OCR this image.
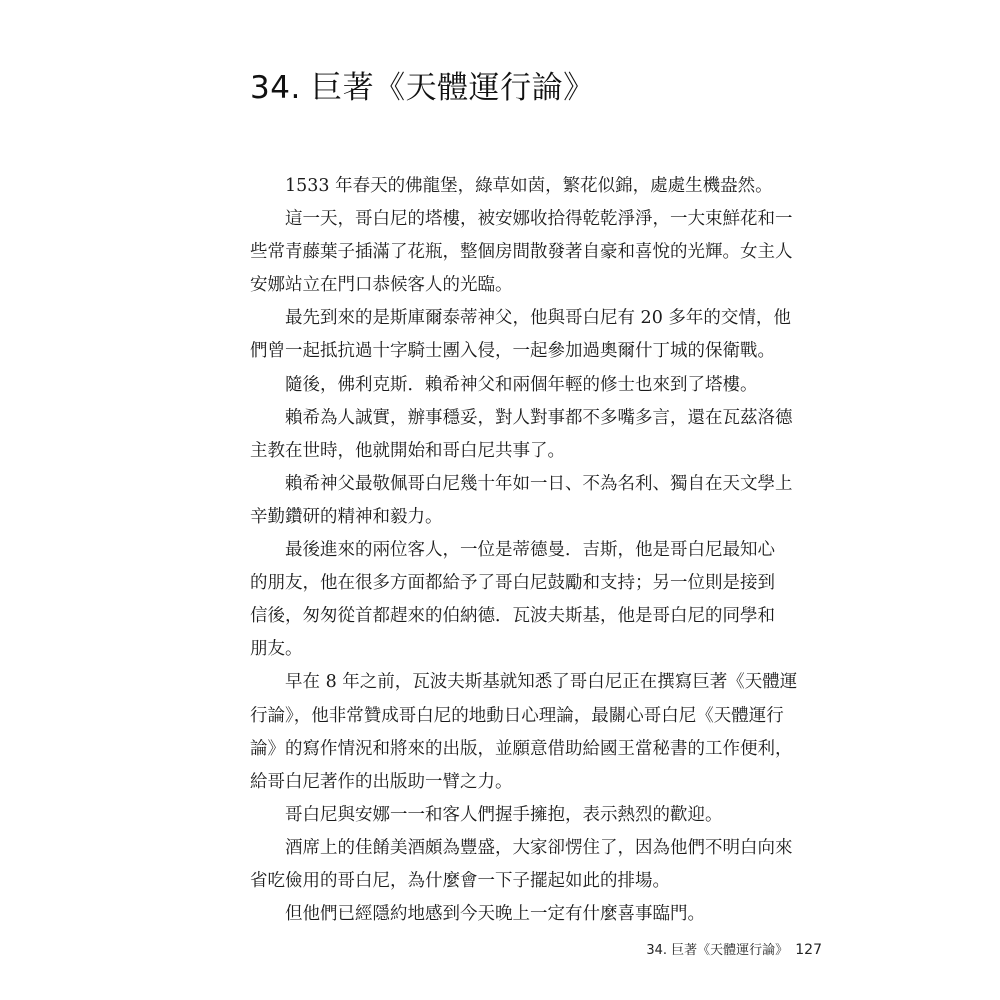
34. 巨著《天體運行論》
1533 年春天的佛龍堡，綠草如茵，繁花似錦，處處生機盎然。
這一天，哥白尼的塔樓，被安娜收拾得乾乾淨淨，一大束鮮花和一
些常青藤葉子插滿了花瓶，整個房間散發著自豪和喜悅的光輝。女主人
安娜站立在門口恭候客人的光臨。
最先到來的是斯庫爾泰蒂神父，他與哥白尼有 20 多年的交情，他
們曾一起抵抗過十字騎士團入侵，一起參加過奧爾什丁城的保衛戰。
隨後，佛利克斯．賴希神父和兩個年輕的修士也來到了塔樓。
賴希為人誠實，辦事穩妥，對人對事都不多嘴多言，還在瓦茲洛德
主教在世時，他就開始和哥白尼共事了。
賴希神父最敬佩哥白尼幾十年如一日、不為名利、獨自在天文學上
辛勤鑽研的精神和毅力。
最後進來的兩位客人，一位是蒂德曼．吉斯，他是哥白尼最知心
的朋友，他在很多方面都給予了哥白尼鼓勵和支持；另一位則是接到
信後，匆匆從首都趕來的伯納德．瓦波夫斯基，他是哥白尼的同學和
朋友。
早在 8 年之前，瓦波夫斯基就知悉了哥白尼正在撰寫巨著《天體運
行論》，他非常贊成哥白尼的地動日心理論，最關心哥白尼《天體運行
論》的寫作情況和將來的出版，並願意借助給國王當秘書的工作便利，
給哥白尼著作的出版助一臂之力。
哥白尼與安娜一一和客人們握手擁抱，表示熱烈的歡迎。
酒席上的佳餚美酒頗為豐盛，大家卻愣住了，因為他們不明白向來
省吃儉用的哥白尼，為什麼會一下子擺起如此的排場。
但他們已經隱約地感到今天晚上一定有什麼喜事臨門。
34. 巨著《天體運行論》 127
